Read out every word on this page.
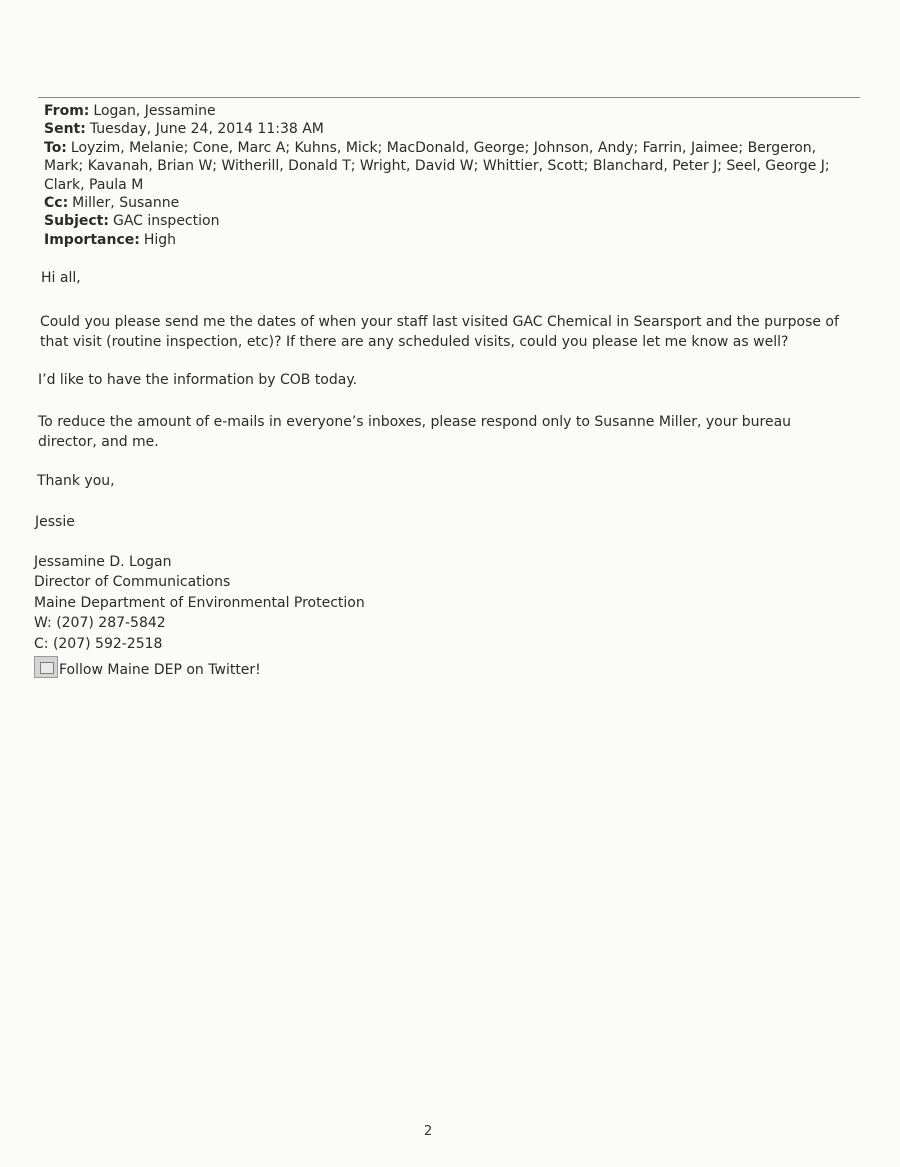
From: Logan, Jessamine
Sent: Tuesday, June 24, 2014 11:38 AM
To: Loyzim, Melanie; Cone, Marc A; Kuhns, Mick; MacDonald, George; Johnson, Andy; Farrin, Jaimee; Bergeron, Mark; Kavanah, Brian W; Witherill, Donald T; Wright, David W; Whittier, Scott; Blanchard, Peter J; Seel, George J; Clark, Paula M
Cc: Miller, Susanne
Subject: GAC inspection
Importance: High

Hi all,

Could you please send me the dates of when your staff last visited GAC Chemical in Searsport and the purpose of that visit (routine inspection, etc)? If there are any scheduled visits, could you please let me know as well?

I’d like to have the information by COB today.

To reduce the amount of e-mails in everyone’s inboxes, please respond only to Susanne Miller, your bureau director, and me.

Thank you,

Jessie

Jessamine D. Logan
Director of Communications
Maine Department of Environmental Protection
W: (207) 287-5842
C: (207) 592-2518
Follow Maine DEP on Twitter!
2
